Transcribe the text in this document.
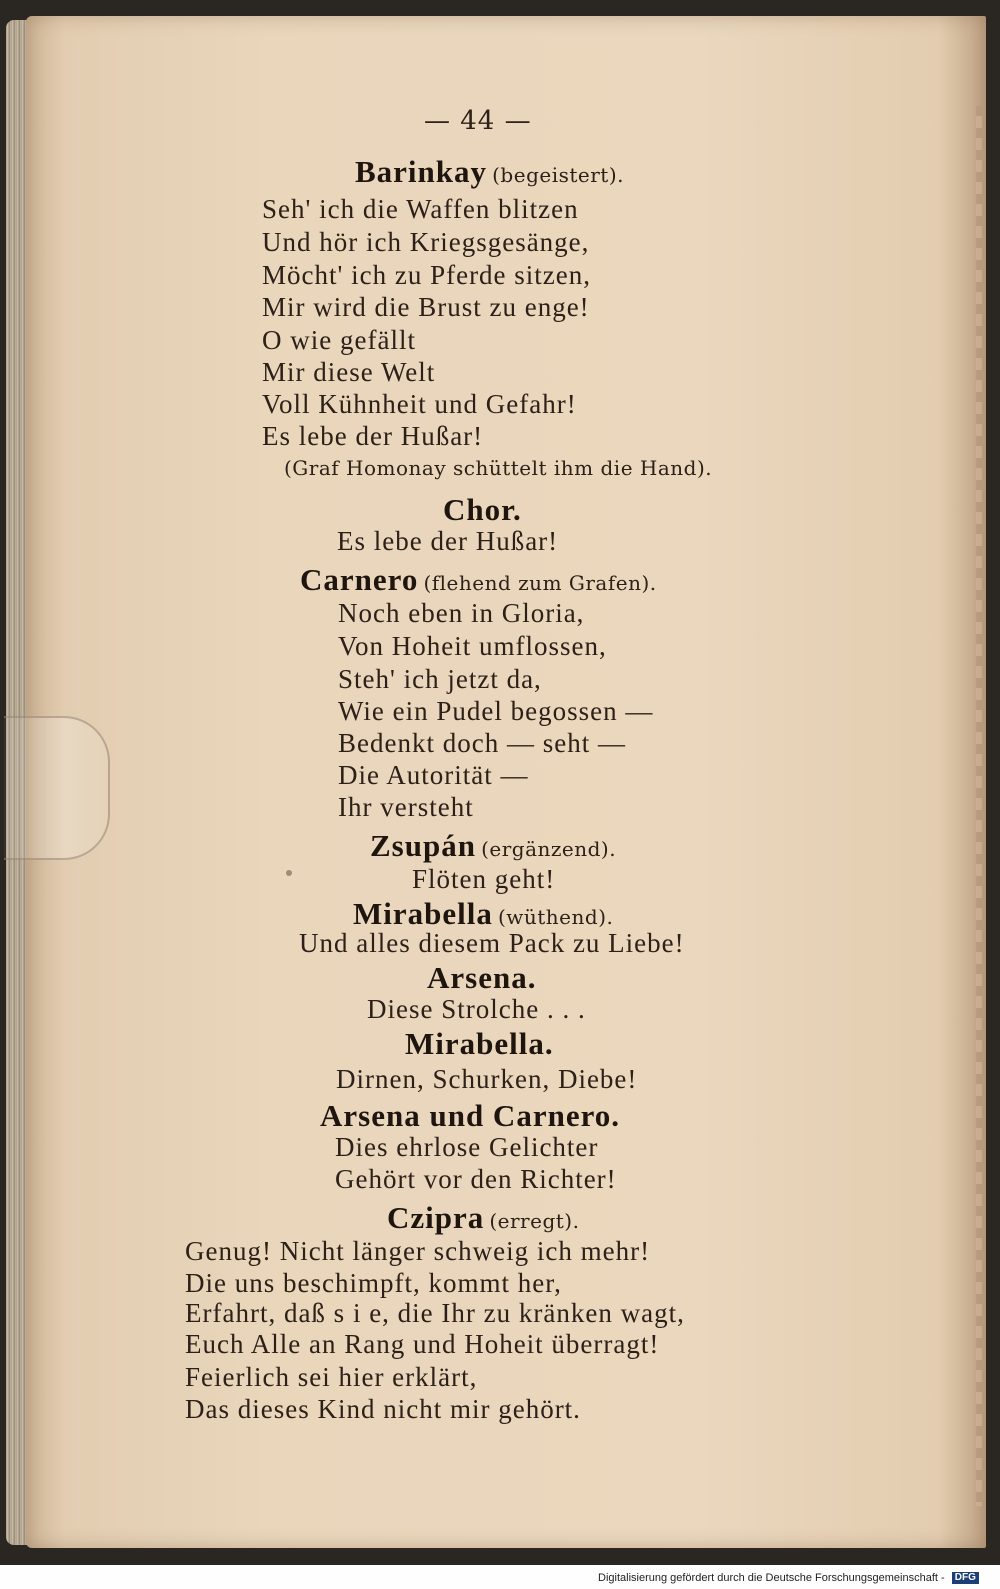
— 44 —
Barinkay (begeistert).
Seh' ich die Waffen blitzen
Und hör ich Kriegsgesänge,
Möcht' ich zu Pferde sitzen,
Mir wird die Brust zu enge!
O wie gefällt
Mir diese Welt
Voll Kühnheit und Gefahr!
Es lebe der Hußar!
(Graf Homonay schüttelt ihm die Hand).
Chor.
Es lebe der Hußar!
Carnero (flehend zum Grafen).
Noch eben in Gloria,
Von Hoheit umflossen,
Steh' ich jetzt da,
Wie ein Pudel begossen —
Bedenkt doch — seht —
Die Autorität —
Ihr versteht
Zsupán (ergänzend).
Flöten geht!
Mirabella (wüthend).
Und alles diesem Pack zu Liebe!
Arsena.
Diese Strolche . . .
Mirabella.
Dirnen, Schurken, Diebe!
Arsena und Carnero.
Dies ehrlose Gelichter
Gehört vor den Richter!
Czipra (erregt).
Genug! Nicht länger schweig ich mehr!
Die uns beschimpft, kommt her,
Erfahrt, daß s i e, die Ihr zu kränken wagt,
Euch Alle an Rang und Hoheit überragt!
Feierlich sei hier erklärt,
Das dieses Kind nicht mir gehört.
Digitalisierung gefördert durch die Deutsche Forschungsgemeinschaft - DFG
